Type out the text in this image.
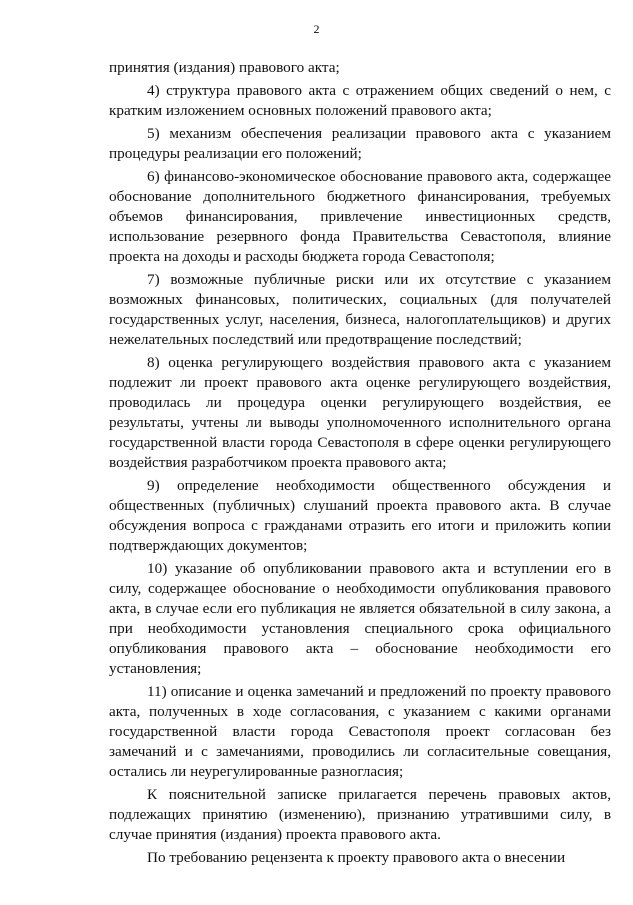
2

принятия (издания) правового акта;

4) структура правового акта с отражением общих сведений о нем, с кратким изложением основных положений правового акта;

5) механизм обеспечения реализации правового акта с указанием процедуры реализации его положений;

6) финансово-экономическое обоснование правового акта, содержащее обоснование дополнительного бюджетного финансирования, требуемых объемов финансирования, привлечение инвестиционных средств, использование резервного фонда Правительства Севастополя, влияние проекта на доходы и расходы бюджета города Севастополя;

7) возможные публичные риски или их отсутствие с указанием возможных финансовых, политических, социальных (для получателей государственных услуг, населения, бизнеса, налогоплательщиков) и других нежелательных последствий или предотвращение последствий;

8) оценка регулирующего воздействия правового акта с указанием подлежит ли проект правового акта оценке регулирующего воздействия, проводилась ли процедура оценки регулирующего воздействия, ее результаты, учтены ли выводы уполномоченного исполнительного органа государственной власти города Севастополя в сфере оценки регулирующего воздействия разработчиком проекта правового акта;

9) определение необходимости общественного обсуждения и общественных (публичных) слушаний проекта правового акта. В случае обсуждения вопроса с гражданами отразить его итоги и приложить копии подтверждающих документов;

10) указание об опубликовании правового акта и вступлении его в силу, содержащее обоснование о необходимости опубликования правового акта, в случае если его публикация не является обязательной в силу закона, а при необходимости установления специального срока официального опубликования правового акта – обоснование необходимости его установления;

11) описание и оценка замечаний и предложений по проекту правового акта, полученных в ходе согласования, с указанием с какими органами государственной власти города Севастополя проект согласован без замечаний и с замечаниями, проводились ли согласительные совещания, остались ли неурегулированные разногласия;

К пояснительной записке прилагается перечень правовых актов, подлежащих принятию (изменению), признанию утратившими силу, в случае принятия (издания) проекта правового акта.

По требованию рецензента к проекту правового акта о внесении
